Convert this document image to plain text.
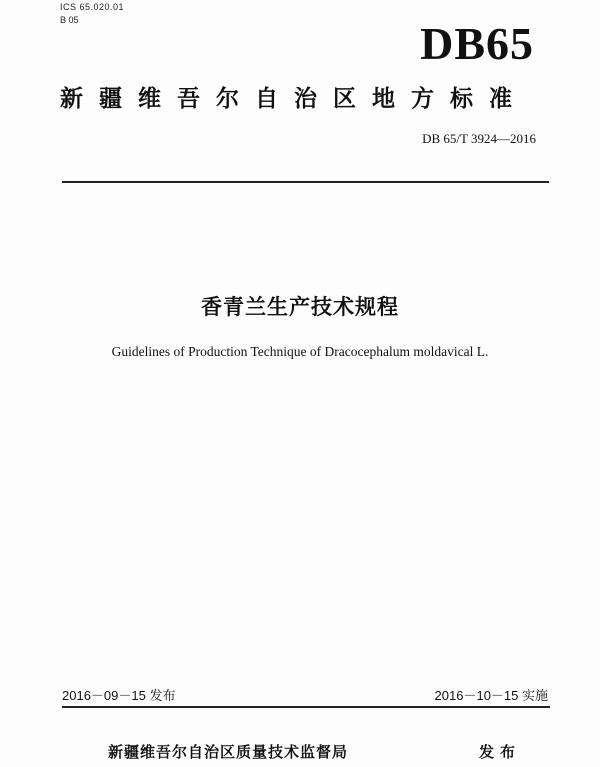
ICS 65.020.01
B 05	DB65
新疆维吾尔自治区地方标准
DB 65/T 3924—2016
香青兰生产技术规程
Guidelines of Production Technique of Dracocephalum moldavical L.
2016－09－15 发布	2016－10－15 实施
新疆维吾尔自治区质量技术监督局	发布
